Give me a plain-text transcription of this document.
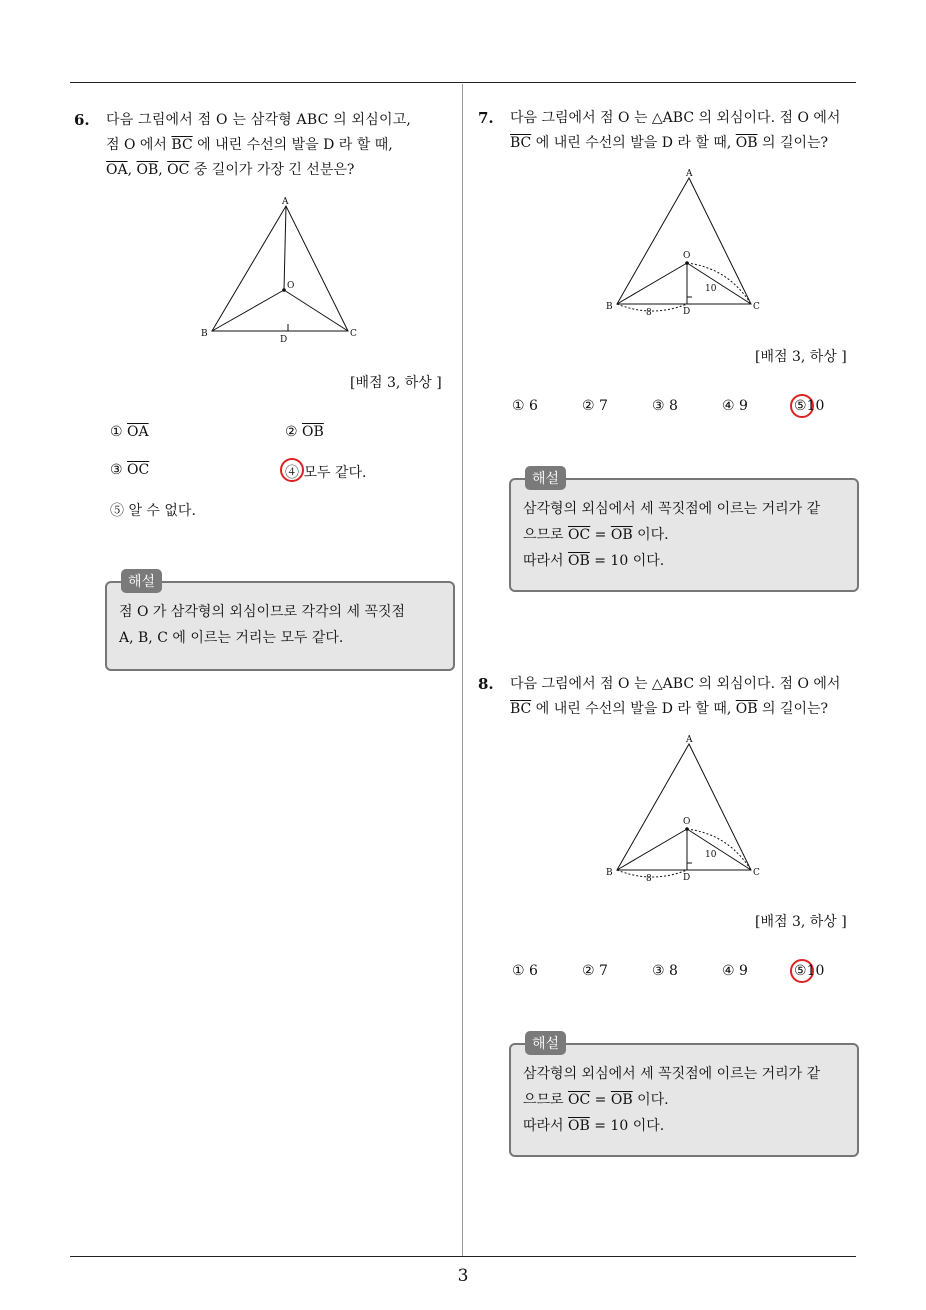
3
6. 다음 그림에서 점 O 는 삼각형 ABC 의 외심이고,
점 O 에서 $\overline{BC}$ 에 내린 수선의 발을 D 라 할 때,
$\overline{OA}$, $\overline{OB}$, $\overline{OC}$ 중 길이가 가장 긴 선분은?
A
B	C
O
D
[배점 3, 하상 ]
① $\overline{OA}$	② $\overline{OB}$
③ $\overline{OC}$	④ 모두 같다.
⑤ 알 수 없다.
해설
점 O 가 삼각형의 외심이므로 각각의 세 꼭짓점
A, B, C 에 이르는 거리는 모두 같다.
7. 다음 그림에서 점 O 는 △ABC 의 외심이다. 점 O 에서
$\overline{BC}$ 에 내린 수선의 발을 D 라 할 때, $\overline{OB}$ 의 길이는?
A
B	C
O
D
8
10
[배점 3, 하상 ]
① 6	② 7	③ 8	④ 9	⑤10
해설
삼각형의 외심에서 세 꼭짓점에 이르는 거리가 같
으므로 $\overline{OC} = \overline{OB}$ 이다.
따라서 $\overline{OB} = 10$ 이다.
8. 다음 그림에서 점 O 는 △ABC 의 외심이다. 점 O 에서
$\overline{BC}$ 에 내린 수선의 발을 D 라 할 때, $\overline{OB}$ 의 길이는?
A
B	C
O
D
8
10
[배점 3, 하상 ]
① 6	② 7	③ 8	④ 9	⑤10
해설
삼각형의 외심에서 세 꼭짓점에 이르는 거리가 같
으므로 $\overline{OC} = \overline{OB}$ 이다.
따라서 $\overline{OB} = 10$ 이다.
